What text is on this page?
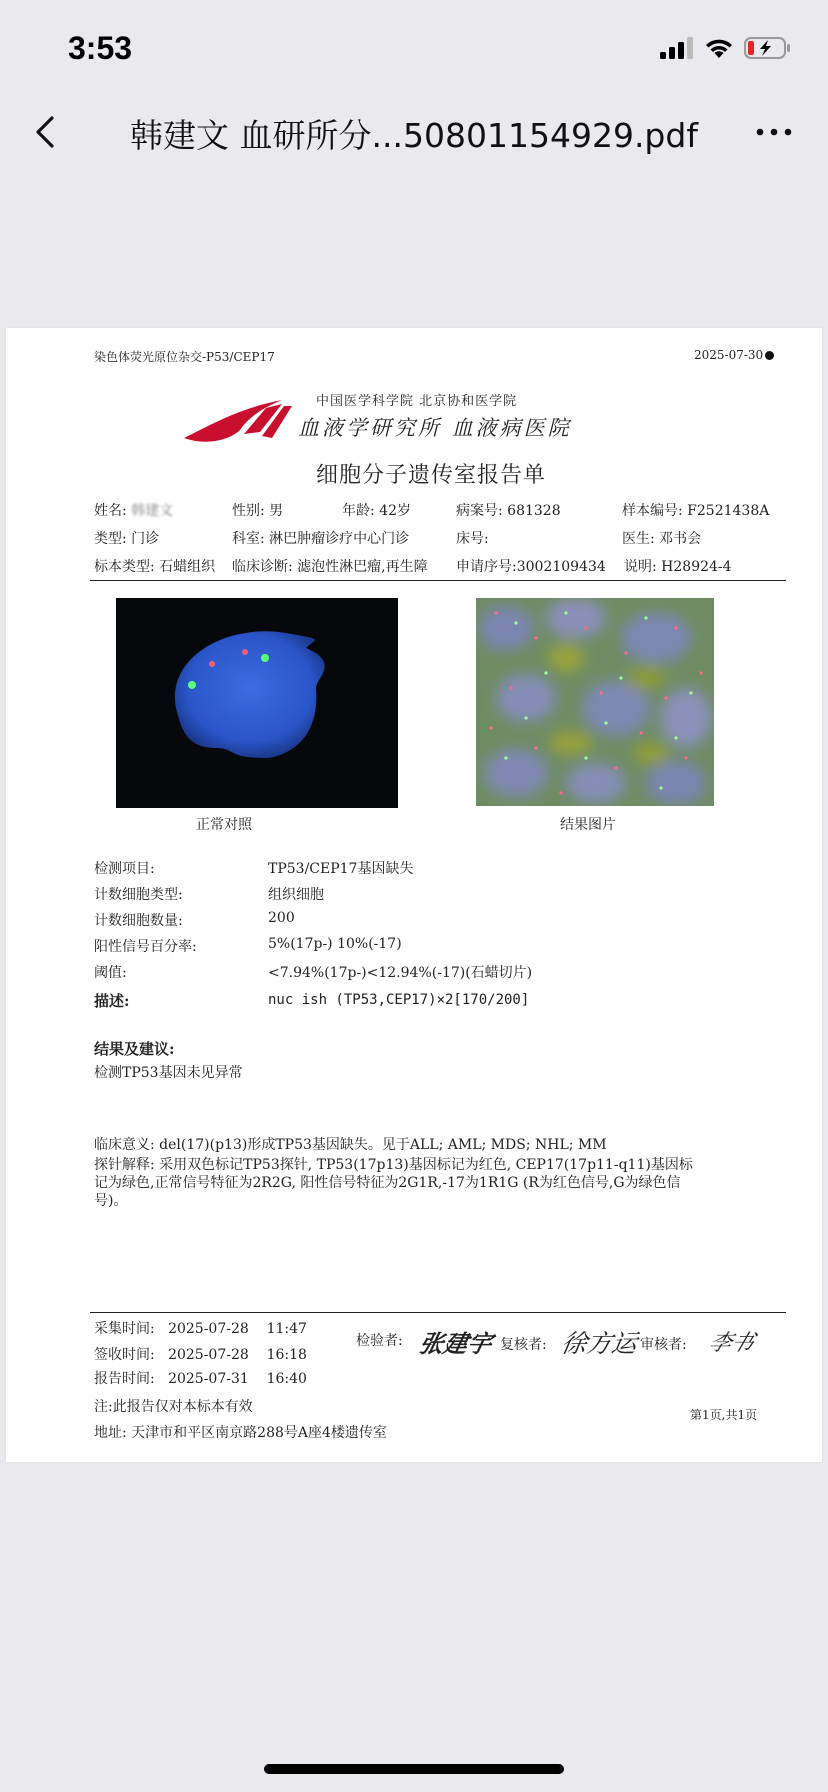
3:53
韩建文 血研所分...50801154929.pdf
染色体荧光原位杂交-P53/CEP17	2025-07-30
中国医学科学院 北京协和医学院
血液学研究所 血液病医院
细胞分子遗传室报告单
姓名: 韩建文	性别: 男	年龄: 42岁	病案号: 681328	样本编号: F2521438A
类型: 门诊	科室: 淋巴肿瘤诊疗中心门诊	床号:	医生: 邓书会
标本类型: 石蜡组织 临床诊断: 滤泡性淋巴瘤,再生障	申请序号:3002109434 说明: H28924-4
正常对照	结果图片
检测项目:	TP53/CEP17基因缺失
计数细胞类型:	组织细胞
计数细胞数量:	200
阳性信号百分率:	5%(17p-) 10%(-17)
阈值:	<7.94%(17p-)<12.94%(-17)(石蜡切片)
描述:	nuc ish (TP53,CEP17)×2[170/200]
结果及建议:
检测TP53基因未见异常
临床意义: del(17)(p13)形成TP53基因缺失。见于ALL; AML; MDS; NHL; MM
探针解释: 采用双色标记TP53探针, TP53(17p13)基因标记为红色, CEP17(17p11-q11)基因标
记为绿色,正常信号特征为2R2G, 阳性信号特征为2G1R,-17为1R1G (R为红色信号,G为绿色信
号)。
采集时间:   2025-07-28    11:47
签收时间:   2025-07-28    16:18
报告时间:   2025-07-31    16:40
检验者: 张建宇 复核者: 徐方运 审核者: 李书
注:此报告仅对本标本有效	第1页,共1页
地址: 天津市和平区南京路288号A座4楼遗传室
